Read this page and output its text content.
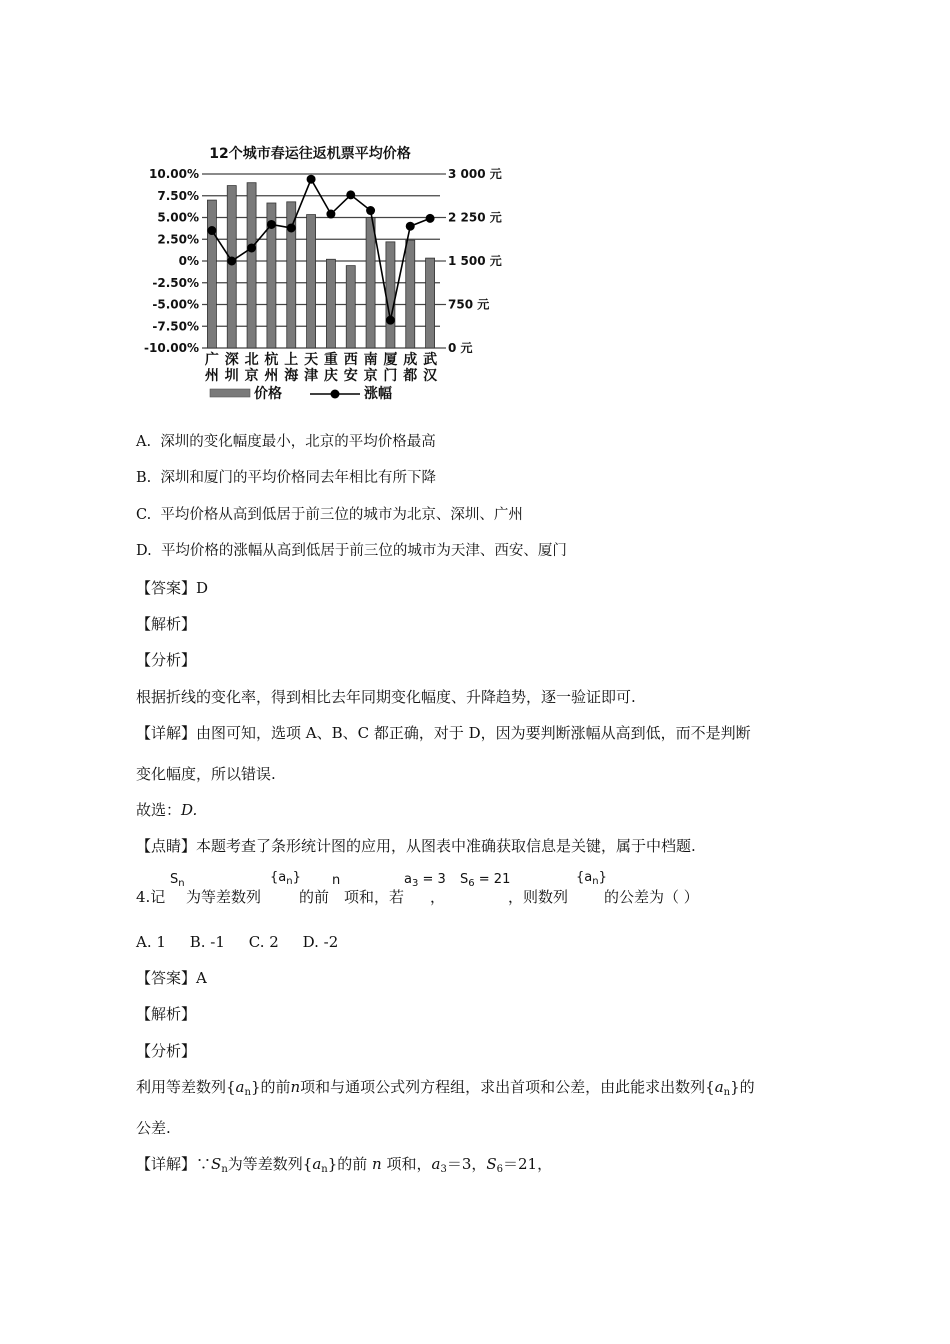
12个城市春运往返机票平均价格
10.00%
7.50%
5.00%
2.50%
0%
-2.50%
-5.00%
-7.50%
-10.00%
3 000 元
2 250 元
1 500 元
750 元
0 元
广
州
深
圳
北
京
杭
州
上
海
天
津
重
庆
西
安
南
京
厦
门
成
都
武
汉
价格	涨幅
A. 深圳的变化幅度最小，北京的平均价格最高
B. 深圳和厦门的平均价格同去年相比有所下降
C. 平均价格从高到低居于前三位的城市为北京、深圳、广州
D. 平均价格的涨幅从高到低居于前三位的城市为天津、西安、厦门
【答案】D
【解析】
【分析】
根据折线的变化率，得到相比去年同期变化幅度、升降趋势，逐一验证即可.
【详解】由图可知，选项 A、B、C 都正确，对于 D，因为要判断涨幅从高到低，而不是判断
变化幅度，所以错误.
故选：D.
【点睛】本题考查了条形统计图的应用，从图表中准确获取信息是关键，属于中档题.
4.记
$S_n$
为等差数列
$\{a_n\}$
的前
n
项和，若
$a_3 = 3$
，
$S_6 = 21$
，则数列
$\{a_n\}$
的公差为（ ）
A. 1     B. -1     C. 2     D. -2
【答案】A
【解析】
【分析】
利用等差数列$\{a_n\}$的前n项和与通项公式列方程组，求出首项和公差，由此能求出数列$\{a_n\}$的
公差.
【详解】$\because S_n$为等差数列$\{a_n\}$的前 n 项和，$a_3=3$，$S_6=21$，
